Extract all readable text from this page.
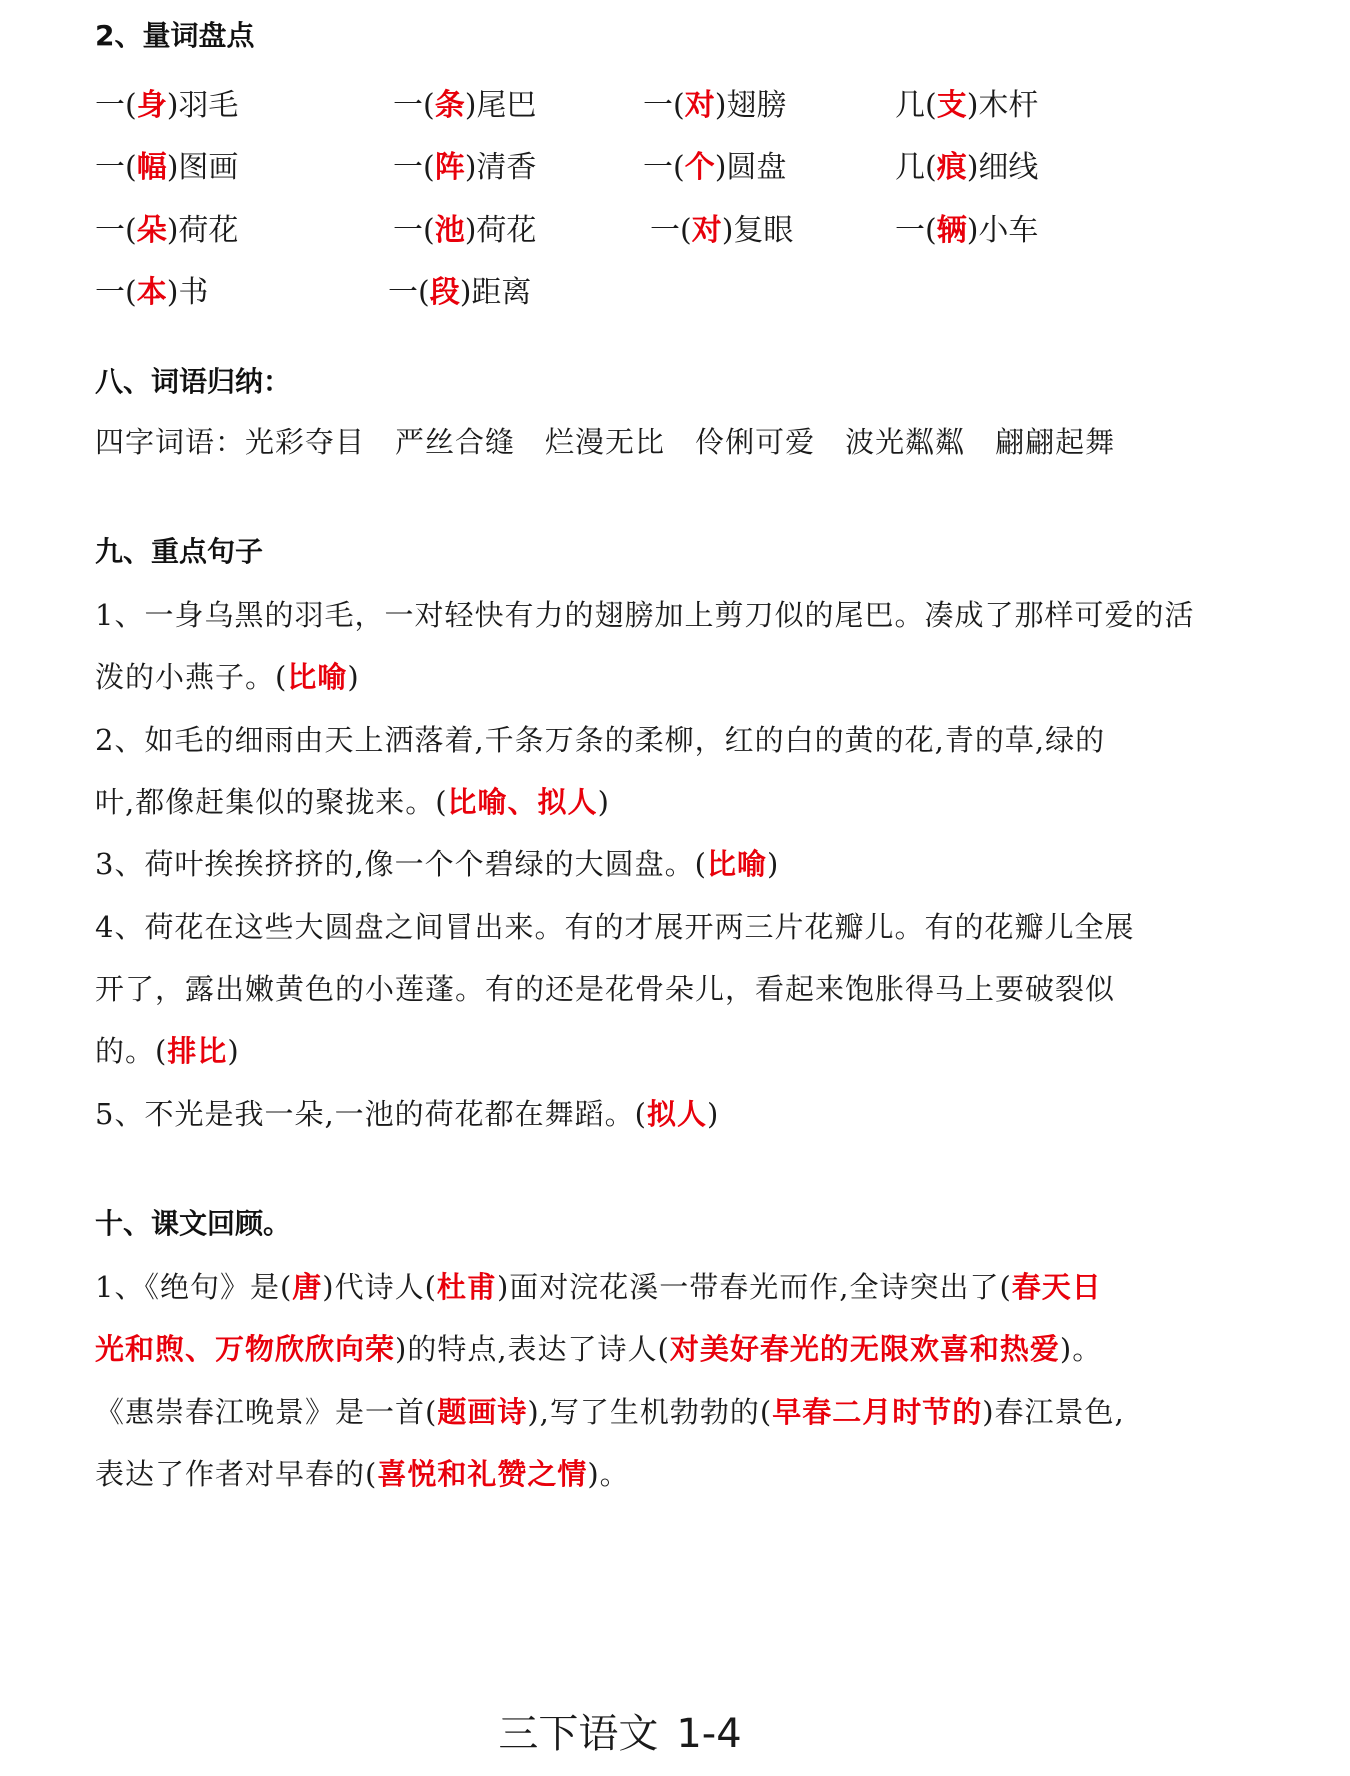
2、量词盘点
一(身)羽毛	一(条)尾巴	一(对)翅膀	几(支)木杆
一(幅)图画	一(阵)清香	一(个)圆盘	几(痕)细线
一(朵)荷花	一(池)荷花	一(对)复眼	一(辆)小车
一(本)书	一(段)距离
八、词语归纳：
四字词语：光彩夺目 严丝合缝 烂漫无比 伶俐可爱 波光粼粼 翩翩起舞
九、重点句子
1、一身乌黑的羽毛，一对轻快有力的翅膀加上剪刀似的尾巴。凑成了那样可爱的活
泼的小燕子。(比喻)
2、如毛的细雨由天上洒落着,千条万条的柔柳，红的白的黄的花,青的草,绿的
叶,都像赶集似的聚拢来。(比喻、拟人)
3、荷叶挨挨挤挤的,像一个个碧绿的大圆盘。(比喻)
4、荷花在这些大圆盘之间冒出来。有的才展开两三片花瓣儿。有的花瓣儿全展
开了，露出嫩黄色的小莲蓬。有的还是花骨朵儿，看起来饱胀得马上要破裂似
的。(排比)
5、不光是我一朵,一池的荷花都在舞蹈。(拟人)
十、课文回顾。
1、《绝句》是(唐)代诗人(杜甫)面对浣花溪一带春光而作,全诗突出了(春天日
光和煦、万物欣欣向荣)的特点,表达了诗人(对美好春光的无限欢喜和热爱)。
《惠崇春江晚景》是一首(题画诗),写了生机勃勃的(早春二月时节的)春江景色,
表达了作者对早春的(喜悦和礼赞之情)。
三下语文 1-4
